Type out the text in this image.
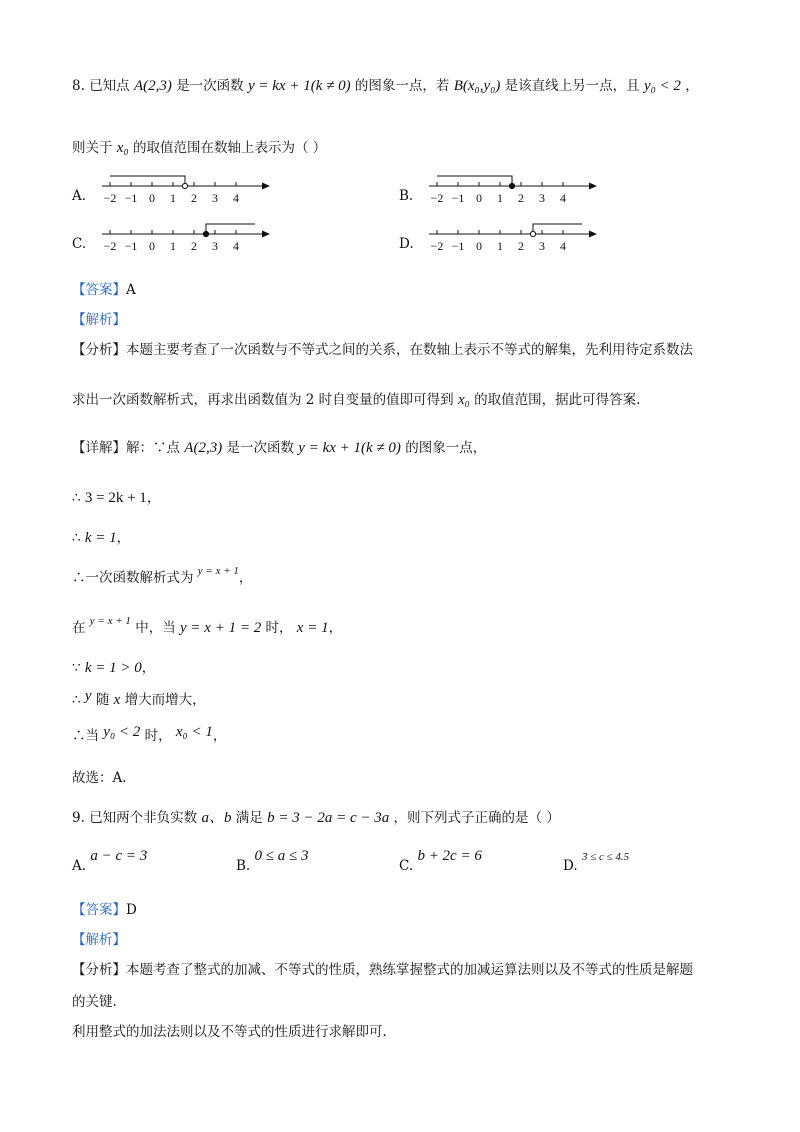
8. 已知点 A(2,3) 是一次函数 y = kx + 1(k ≠ 0) 的图象一点，若 B(x₀,y₀) 是该直线上另一点，且 y₀ < 2 ，
则关于 x₀ 的取值范围在数轴上表示为（ ）
A.	B.
C.	D.
−2 −1 0 1 2 3 4	−2 −1 0 1 2 3 4
−2 −1 0 1 2 3 4	−2 −1 0 1 2 3 4
【答案】A
【解析】
【分析】本题主要考查了一次函数与不等式之间的关系，在数轴上表示不等式的解集，先利用待定系数法
求出一次函数解析式，再求出函数值为 2 时自变量的值即可得到 x₀ 的取值范围，据此可得答案.
【详解】解：∵点 A(2,3) 是一次函数 y = kx + 1(k ≠ 0) 的图象一点，
∴ 3 = 2k + 1，
∴ k = 1，
∴一次函数解析式为 $^{y = x + 1}$，
在 $^{y = x + 1}$ 中，当 y = x + 1 = 2 时， x = 1，
∵ k = 1 > 0，
∴ y 随 x 增大而增大，
∴当 y₀ < 2 时， x₀ < 1，
故选：A.
9. 已知两个非负实数 a、b 满足 b = 3 − 2a = c − 3a ，则下列式子正确的是（ ）
A. a − c = 3
B. 0 ≤ a ≤ 3
C. b + 2c = 6
D. 3 ≤ c ≤ 4.5
【答案】D
【解析】
【分析】本题考查了整式的加减、不等式的性质，熟练掌握整式的加减运算法则以及不等式的性质是解题
的关键.
利用整式的加法法则以及不等式的性质进行求解即可.
